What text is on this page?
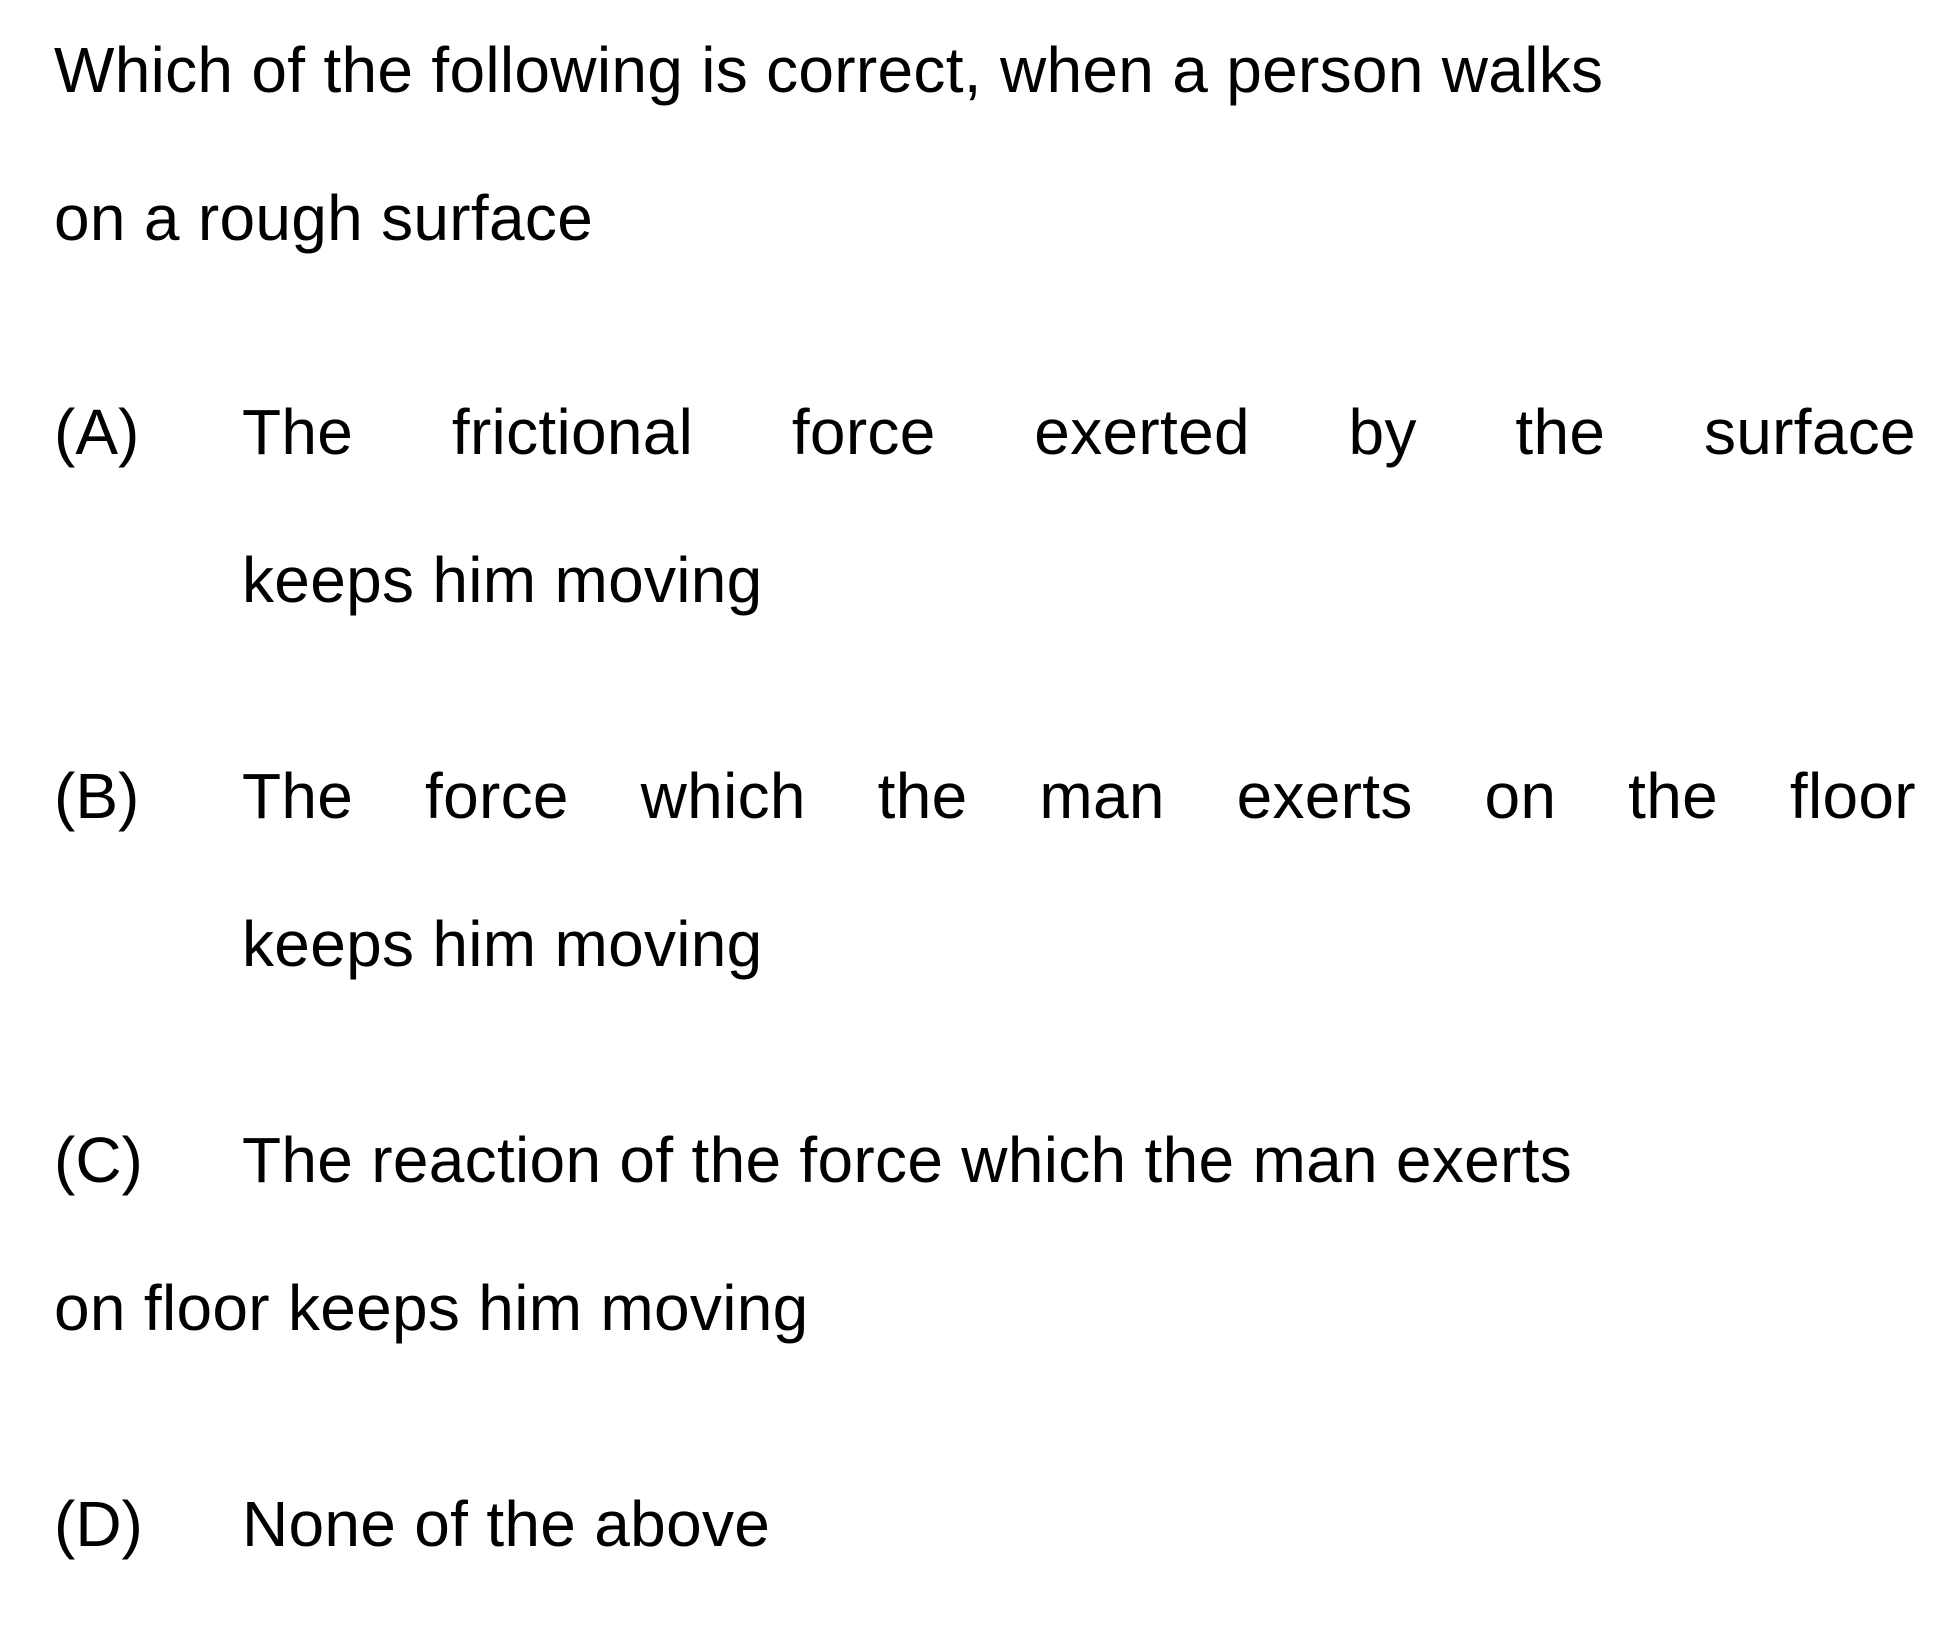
Which of the following is correct, when a person walks
on a rough surface
(A) The frictional force exerted by the surface
keeps him moving
(B) The force which the man exerts on the floor
keeps him moving
(C) The reaction of the force which the man exerts
on floor keeps him moving
(D) None of the above
